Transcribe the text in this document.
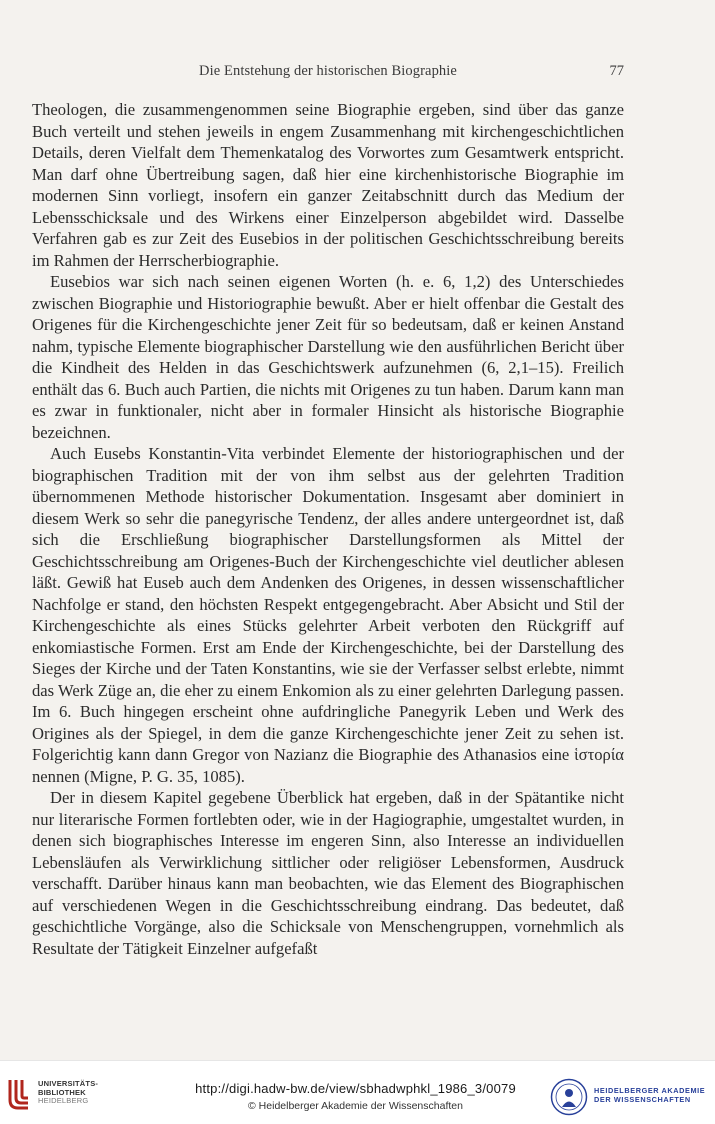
Die Entstehung der historischen Biographie	77

Theologen, die zusammengenommen seine Biographie ergeben, sind über das ganze Buch verteilt und stehen jeweils in engem Zusammenhang mit kirchengeschichtlichen Details, deren Vielfalt dem Themenkatalog des Vorwortes zum Gesamtwerk entspricht. Man darf ohne Übertreibung sagen, daß hier eine kirchenhistorische Biographie im modernen Sinn vorliegt, insofern ein ganzer Zeitabschnitt durch das Medium der Lebensschicksale und des Wirkens einer Einzelperson abgebildet wird. Dasselbe Verfahren gab es zur Zeit des Eusebios in der politischen Geschichtsschreibung bereits im Rahmen der Herrscherbiographie.

Eusebios war sich nach seinen eigenen Worten (h. e. 6, 1,2) des Unterschiedes zwischen Biographie und Historiographie bewußt. Aber er hielt offenbar die Gestalt des Origenes für die Kirchengeschichte jener Zeit für so bedeutsam, daß er keinen Anstand nahm, typische Elemente biographischer Darstellung wie den ausführlichen Bericht über die Kindheit des Helden in das Geschichtswerk aufzunehmen (6, 2,1–15). Freilich enthält das 6. Buch auch Partien, die nichts mit Origenes zu tun haben. Darum kann man es zwar in funktionaler, nicht aber in formaler Hinsicht als historische Biographie bezeichnen.

Auch Eusebs Konstantin-Vita verbindet Elemente der historiographischen und der biographischen Tradition mit der von ihm selbst aus der gelehrten Tradition übernommenen Methode historischer Dokumentation. Insgesamt aber dominiert in diesem Werk so sehr die panegyrische Tendenz, der alles andere untergeordnet ist, daß sich die Erschließung biographischer Darstellungsformen als Mittel der Geschichtsschreibung am Origenes-Buch der Kirchengeschichte viel deutlicher ablesen läßt. Gewiß hat Euseb auch dem Andenken des Origenes, in dessen wissenschaftlicher Nachfolge er stand, den höchsten Respekt entgegengebracht. Aber Absicht und Stil der Kirchengeschichte als eines Stücks gelehrter Arbeit verboten den Rückgriff auf enkomiastische Formen. Erst am Ende der Kirchengeschichte, bei der Darstellung des Sieges der Kirche und der Taten Konstantins, wie sie der Verfasser selbst erlebte, nimmt das Werk Züge an, die eher zu einem Enkomion als zu einer gelehrten Darlegung passen. Im 6. Buch hingegen erscheint ohne aufdringliche Panegyrik Leben und Werk des Origines als der Spiegel, in dem die ganze Kirchengeschichte jener Zeit zu sehen ist. Folgerichtig kann dann Gregor von Nazianz die Biographie des Athanasios eine ἱστορία nennen (Migne, P. G. 35, 1085).

Der in diesem Kapitel gegebene Überblick hat ergeben, daß in der Spätantike nicht nur literarische Formen fortlebten oder, wie in der Hagiographie, umgestaltet wurden, in denen sich biographisches Interesse im engeren Sinn, also Interesse an individuellen Lebensläufen als Verwirklichung sittlicher oder religiöser Lebensformen, Ausdruck verschafft. Darüber hinaus kann man beobachten, wie das Element des Biographischen auf verschiedenen Wegen in die Geschichtsschreibung eindrang. Das bedeutet, daß geschichtliche Vorgänge, also die Schicksale von Menschengruppen, vornehmlich als Resultate der Tätigkeit Einzelner aufgefaßt

UNIVERSITÄTS-
BIBLIOTHEK
HEIDELBERG
http://digi.hadw-bw.de/view/sbhadwphkl_1986_3/0079
© Heidelberger Akademie der Wissenschaften
HEIDELBERGER AKADEMIE
DER WISSENSCHAFTEN
